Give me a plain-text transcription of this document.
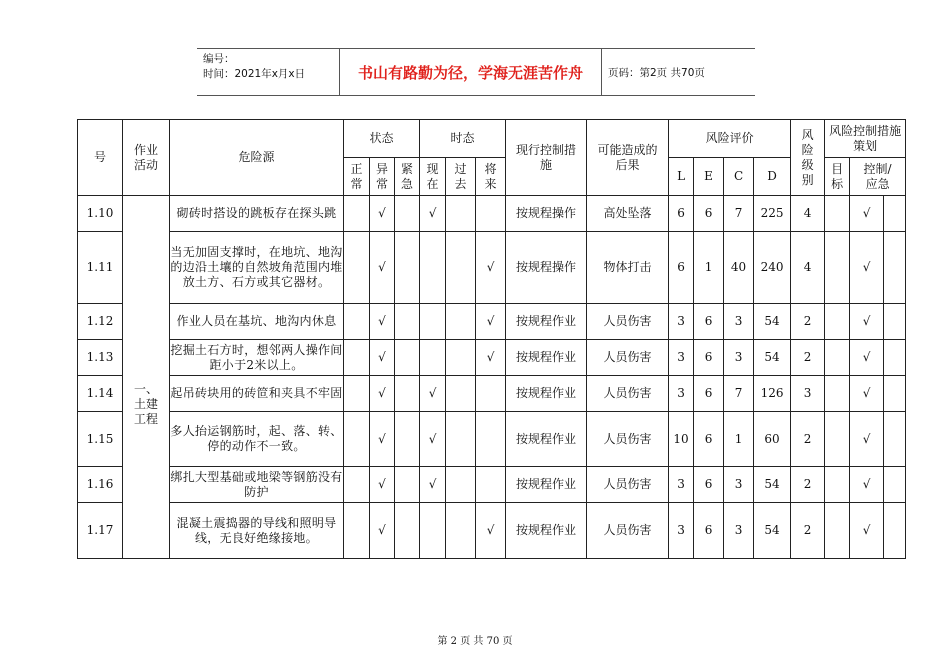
编号：
时间：2021年x月x日	书山有路勤为径，学海无涯苦作舟	页码：第2页 共70页
号	作业活动	危险源	状态			时态			现行控制措施	可能造成的后果	风险评价				风险级别	风险控制措施策划		
			正常	异常	紧急	现在	过去	将来			L	E	C	D		目标	控制/应急	
1.10	一、土建工程	砌砖时搭设的跳板存在探头跳		√		√			按规程操作	高处坠落	6	6	7	225	4		√	
1.11		当无加固支撑时，在地坑、地沟的边沿土壤的自然坡角范围内堆放土方、石方或其它器材。		√				√	按规程操作	物体打击	6	1	40	240	4		√	
1.12		作业人员在基坑、地沟内休息		√				√	按规程作业	人员伤害	3	6	3	54	2		√	
1.13		挖掘土石方时，想邻两人操作间距小于2米以上。		√				√	按规程作业	人员伤害	3	6	3	54	2		√	
1.14		起吊砖块用的砖笸和夹具不牢固		√		√			按规程作业	人员伤害	3	6	7	126	3		√	
1.15		多人抬运钢筋时，起、落、转、停的动作不一致。		√		√			按规程作业	人员伤害	10	6	1	60	2		√	
1.16		绑扎大型基础或地梁等钢筋没有防护		√		√			按规程作业	人员伤害	3	6	3	54	2		√	
1.17		混凝土震捣器的导线和照明导线，无良好绝缘接地。		√				√	按规程作业	人员伤害	3	6	3	54	2		√	
第 2 页 共 70 页
